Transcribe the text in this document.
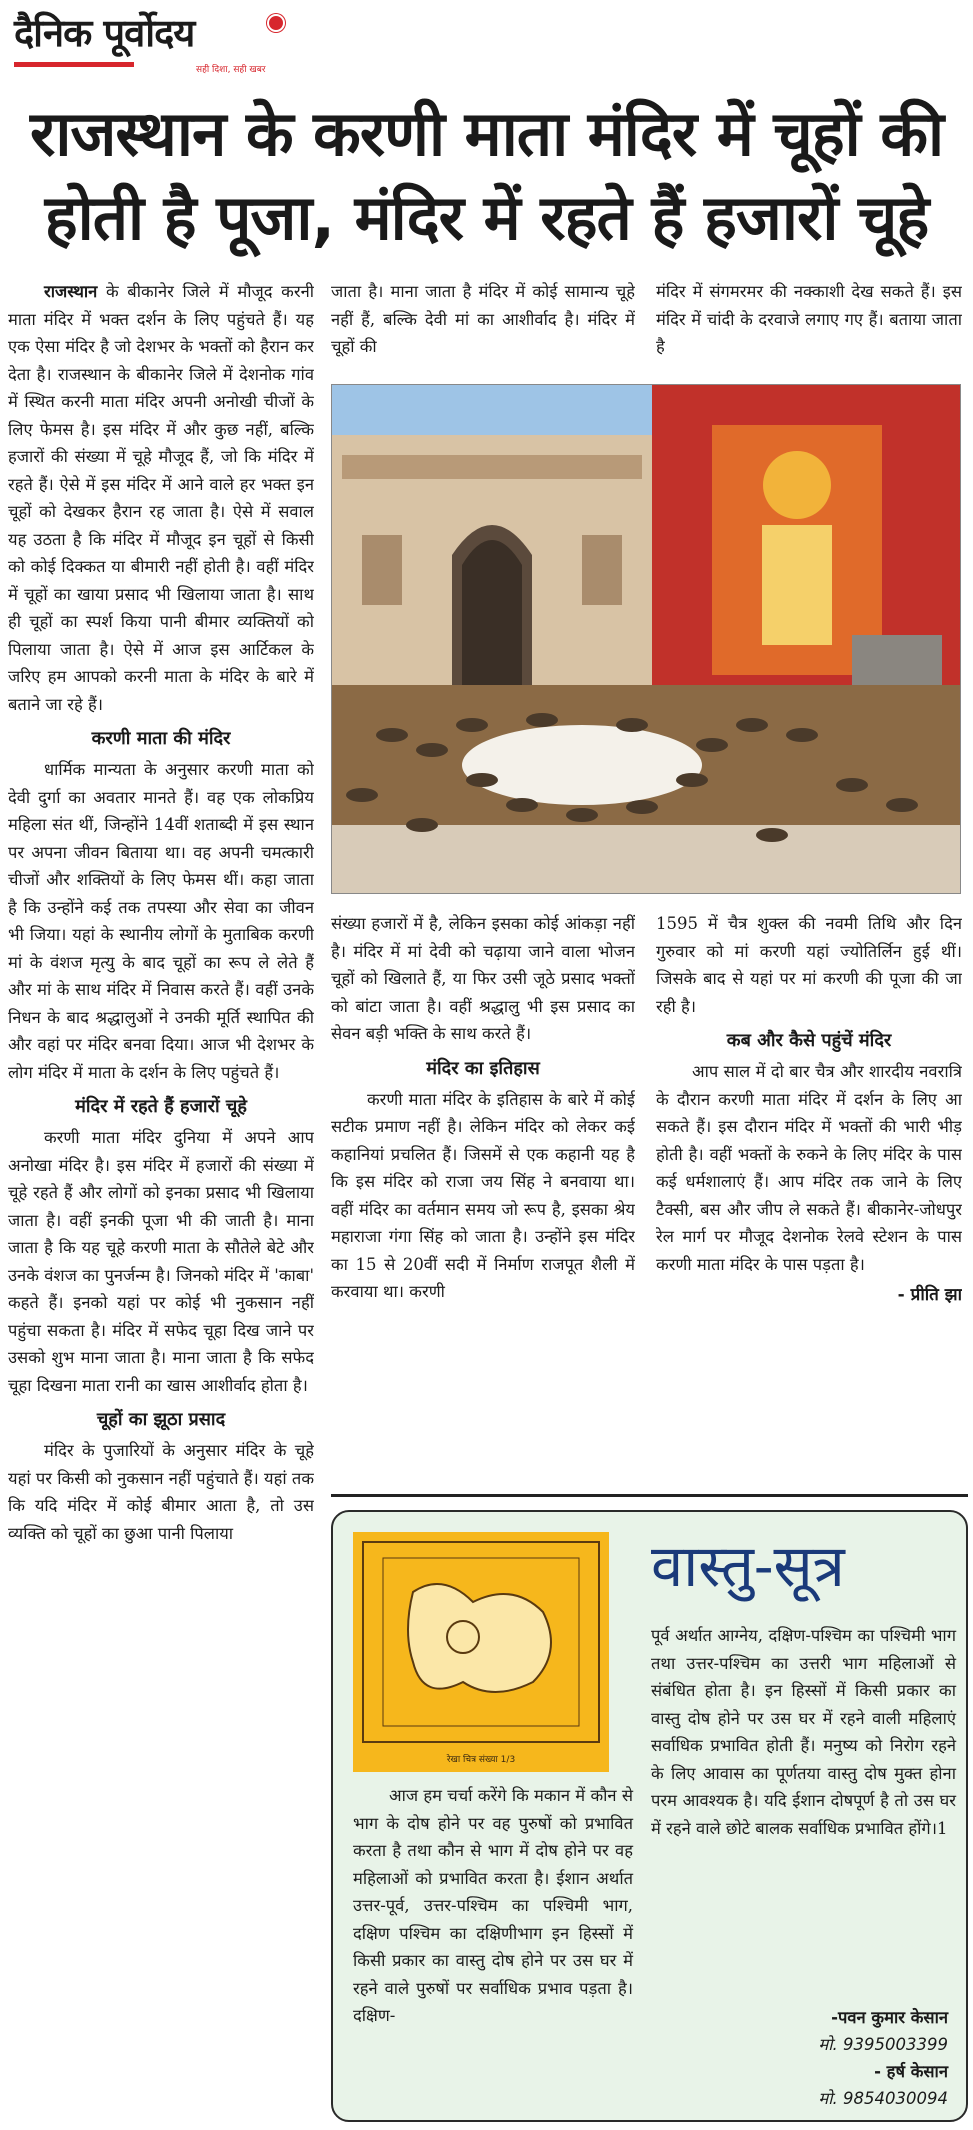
दैनिक पूर्वोदय
सही दिशा, सही खबर
राजस्थान के करणी माता मंदिर में चूहों की
होती है पूजा, मंदिर में रहते हैं हजारों चूहे

राजस्थान के बीकानेर जिले में मौजूद करनी माता मंदिर में भक्त दर्शन के लिए पहुंचते हैं। यह एक ऐसा मंदिर है जो देशभर के भक्तों को हैरान कर देता है। राजस्थान के बीकानेर जिले में देशनोक गांव में स्थित करनी माता मंदिर अपनी अनोखी चीजों के लिए फेमस है। इस मंदिर में और कुछ नहीं, बल्कि हजारों की संख्या में चूहे मौजूद हैं, जो कि मंदिर में रहते हैं। ऐसे में इस मंदिर में आने वाले हर भक्त इन चूहों को देखकर हैरान रह जाता है। ऐसे में सवाल यह उठता है कि मंदिर में मौजूद इन चूहों से किसी को कोई दिक्कत या बीमारी नहीं होती है। वहीं मंदिर में चूहों का खाया प्रसाद भी खिलाया जाता है। साथ ही चूहों का स्पर्श किया पानी बीमार व्यक्तियों को पिलाया जाता है। ऐसे में आज इस आर्टिकल के जरिए हम आपको करनी माता के मंदिर के बारे में बताने जा रहे हैं।

करणी माता की मंदिर

धार्मिक मान्यता के अनुसार करणी माता को देवी दुर्गा का अवतार मानते हैं। वह एक लोकप्रिय महिला संत थीं, जिन्होंने 14वीं शताब्दी में इस स्थान पर अपना जीवन बिताया था। वह अपनी चमत्कारी चीजों और शक्तियों के लिए फेमस थीं। कहा जाता है कि उन्होंने कई तक तपस्या और सेवा का जीवन भी जिया। यहां के स्थानीय लोगों के मुताबिक करणी मां के वंशज मृत्यु के बाद चूहों का रूप ले लेते हैं और मां के साथ मंदिर में निवास करते हैं। वहीं उनके निधन के बाद श्रद्धालुओं ने उनकी मूर्ति स्थापित की और वहां पर मंदिर बनवा दिया। आज भी देशभर के लोग मंदिर में माता के दर्शन के लिए पहुंचते हैं।

मंदिर में रहते हैं हजारों चूहे

करणी माता मंदिर दुनिया में अपने आप अनोखा मंदिर है। इस मंदिर में हजारों की संख्या में चूहे रहते हैं और लोगों को इनका प्रसाद भी खिलाया जाता है। वहीं इनकी पूजा भी की जाती है। माना जाता है कि यह चूहे करणी माता के सौतेले बेटे और उनके वंशज का पुनर्जन्म है। जिनको मंदिर में 'काबा' कहते हैं। इनको यहां पर कोई भी नुकसान नहीं पहुंचा सकता है। मंदिर में सफेद चूहा दिख जाने पर उसको शुभ माना जाता है। माना जाता है कि सफेद चूहा दिखना माता रानी का खास आशीर्वाद होता है।

चूहों का झूठा प्रसाद

मंदिर के पुजारियों के अनुसार मंदिर के चूहे यहां पर किसी को नुकसान नहीं पहुंचाते हैं। यहां तक कि यदि मंदिर में कोई बीमार आता है, तो उस व्यक्ति को चूहों का छुआ पानी पिलाया

जाता है। माना जाता है मंदिर में कोई सामान्य चूहे नहीं हैं, बल्कि देवी मां का आशीर्वाद है। मंदिर में चूहों की

मंदिर में संगमरमर की नक्काशी देख सकते हैं। इस मंदिर में चांदी के दरवाजे लगाए गए हैं। बताया जाता है

संख्या हजारों में है, लेकिन इसका कोई आंकड़ा नहीं है। मंदिर में मां देवी को चढ़ाया जाने वाला भोजन चूहों को खिलाते हैं, या फिर उसी जूठे प्रसाद भक्तों को बांटा जाता है। वहीं श्रद्धालु भी इस प्रसाद का सेवन बड़ी भक्ति के साथ करते हैं।

मंदिर का इतिहास

करणी माता मंदिर के इतिहास के बारे में कोई सटीक प्रमाण नहीं है। लेकिन मंदिर को लेकर कई कहानियां प्रचलित हैं। जिसमें से एक कहानी यह है कि इस मंदिर को राजा जय सिंह ने बनवाया था। वहीं मंदिर का वर्तमान समय जो रूप है, इसका श्रेय महाराजा गंगा सिंह को जाता है। उन्होंने इस मंदिर का 15 से 20वीं सदी में निर्माण राजपूत शैली में करवाया था। करणी

1595 में चैत्र शुक्ल की नवमी तिथि और दिन गुरुवार को मां करणी यहां ज्योतिर्लिन हुई थीं। जिसके बाद से यहां पर मां करणी की पूजा की जा रही है।

कब और कैसे पहुंचें मंदिर

आप साल में दो बार चैत्र और शारदीय नवरात्रि के दौरान करणी माता मंदिर में दर्शन के लिए आ सकते हैं। इस दौरान मंदिर में भक्तों की भारी भीड़ होती है। वहीं भक्तों के रुकने के लिए मंदिर के पास कई धर्मशालाएं हैं। आप मंदिर तक जाने के लिए टैक्सी, बस और जीप ले सकते हैं। बीकानेर-जोधपुर रेल मार्ग पर मौजूद देशनोक रेलवे स्टेशन के पास करणी माता मंदिर के पास पड़ता है।

- प्रीति झा
रेखा चित्र संख्या 1/3
वास्तु-सूत्र
पूर्व अर्थात आग्नेय, दक्षिण-पश्चिम का पश्चिमी भाग तथा उत्तर-पश्चिम का उत्तरी भाग महिलाओं से संबंधित होता है। इन हिस्सों में किसी प्रकार का वास्तु दोष होने पर उस घर में रहने वाली महिलाएं सर्वाधिक प्रभावित होती हैं। मनुष्य को निरोग रहने के लिए आवास का पूर्णतया वास्तु दोष मुक्त होना परम आवश्यक है। यदि ईशान दोषपूर्ण है तो उस घर में रहने वाले छोटे बालक सर्वाधिक प्रभावित होंगे।1

आज हम चर्चा करेंगे कि मकान में कौन से भाग के दोष होने पर वह पुरुषों को प्रभावित करता है तथा कौन से भाग में दोष होने पर वह महिलाओं को प्रभावित करता है। ईशान अर्थात उत्तर-पूर्व, उत्तर-पश्चिम का पश्चिमी भाग, दक्षिण पश्चिम का दक्षिणीभाग इन हिस्सों में किसी प्रकार का वास्तु दोष होने पर उस घर में रहने वाले पुरुषों पर सर्वाधिक प्रभाव पड़ता है। दक्षिण-	-पवन कुमार केसान
मो. 9395003399
- हर्ष केसान
मो. 9854030094
